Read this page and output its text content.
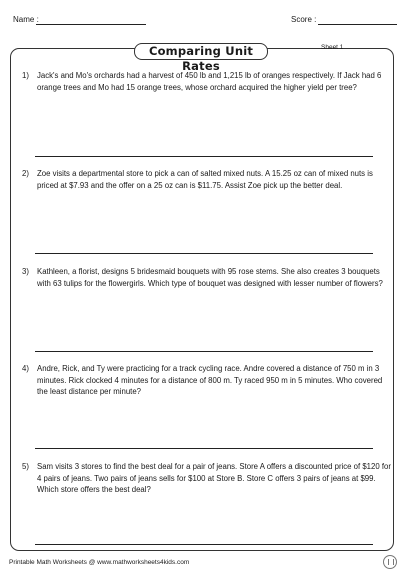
Name :	Score :
Comparing Unit Rates
Sheet 1
1)	Jack's and Mo's orchards had a harvest of 450 lb and 1,215 lb of oranges respectively. If Jack had 6 orange trees and Mo had 15 orange trees, whose orchard acquired the higher yield per tree?
2)	Zoe visits a departmental store to pick a can of salted mixed nuts. A 15.25 oz can of mixed nuts is priced at $7.93 and the offer on a 25 oz can is $11.75. Assist Zoe pick up the better deal.
3)	Kathleen, a florist, designs 5 bridesmaid bouquets with 95 rose stems. She also creates 3 bouquets with 63 tulips for the flowergirls. Which type of bouquet was designed with lesser number of flowers?
4)	Andre, Rick, and Ty were practicing for a track cycling race. Andre covered a distance of 750 m in 3 minutes. Rick clocked 4 minutes for a distance of 800 m. Ty raced 950 m in 5 minutes. Who covered the least distance per minute?
5)	Sam visits 3 stores to find the best deal for a pair of jeans. Store A offers a discounted price of $120 for 4 pairs of jeans. Two pairs of jeans sells for $100 at Store B. Store C offers 3 pairs of jeans at $99. Which store offers the best deal?
Printable Math Worksheets @ www.mathworksheets4kids.com
